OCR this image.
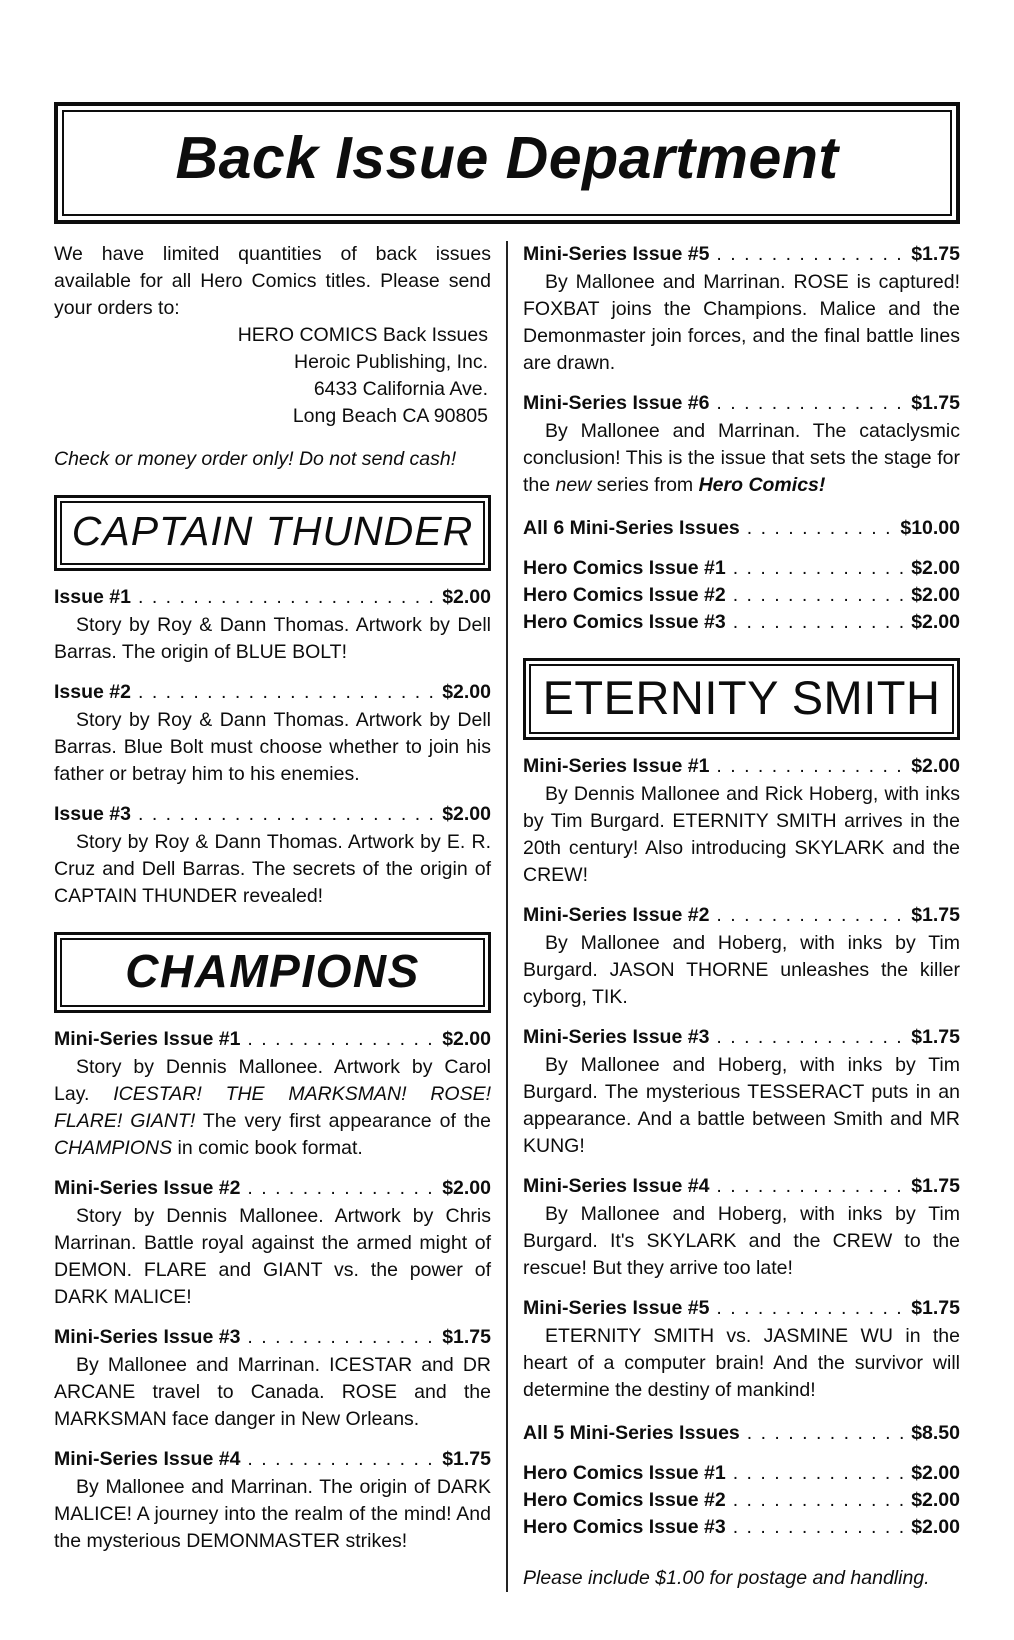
Back Issue Department

We have limited quantities of back issues available for all Hero Comics titles. Please send your orders to:

HERO COMICS Back Issues
Heroic Publishing, Inc.
6433 California Ave.
Long Beach CA 90805

Check or money order only! Do not send cash!

CAPTAIN THUNDER
Issue #1 . . .	$2.00

Story by Roy & Dann Thomas. Artwork by Dell Barras. The origin of BLUE BOLT!

Issue #2 . . .	$2.00

Story by Roy & Dann Thomas. Artwork by Dell Barras. Blue Bolt must choose whether to join his father or betray him to his enemies.

Issue #3 . . .	$2.00

Story by Roy & Dann Thomas. Artwork by E. R. Cruz and Dell Barras. The secrets of the origin of CAPTAIN THUNDER revealed!

CHAMPIONS
Mini-Series Issue #1 . . .	$2.00

Story by Dennis Mallonee. Artwork by Carol Lay. ICESTAR! THE MARKSMAN! ROSE! FLARE! GIANT! The very first appearance of the CHAMPIONS in comic book format.

Mini-Series Issue #2 . . .	$2.00

Story by Dennis Mallonee. Artwork by Chris Marrinan. Battle royal against the armed might of DEMON. FLARE and GIANT vs. the power of DARK MALICE!

Mini-Series Issue #3 . . .	$1.75

By Mallonee and Marrinan. ICESTAR and DR ARCANE travel to Canada. ROSE and the MARKSMAN face danger in New Orleans.

Mini-Series Issue #4 . . .	$1.75

By Mallonee and Marrinan. The origin of DARK MALICE! A journey into the realm of the mind! And the mysterious DEMONMASTER strikes!

Mini-Series Issue #5 . . .	$1.75

By Mallonee and Marrinan. ROSE is captured! FOXBAT joins the Champions. Malice and the Demonmaster join forces, and the final battle lines are drawn.

Mini-Series Issue #6 . . .	$1.75

By Mallonee and Marrinan. The cataclysmic conclusion! This is the issue that sets the stage for the new series from Hero Comics!

All 6 Mini-Series Issues . . .	$10.00
Hero Comics Issue #1 . . .	$2.00
Hero Comics Issue #2 . . .	$2.00
Hero Comics Issue #3 . . .	$2.00
ETERNITY SMITH
Mini-Series Issue #1 . . .	$2.00

By Dennis Mallonee and Rick Hoberg, with inks by Tim Burgard. ETERNITY SMITH arrives in the 20th century! Also introducing SKYLARK and the CREW!

Mini-Series Issue #2 . . .	$1.75

By Mallonee and Hoberg, with inks by Tim Burgard. JASON THORNE unleashes the killer cyborg, TIK.

Mini-Series Issue #3 . . .	$1.75

By Mallonee and Hoberg, with inks by Tim Burgard. The mysterious TESSERACT puts in an appearance. And a battle between Smith and MR KUNG!

Mini-Series Issue #4 . . .	$1.75

By Mallonee and Hoberg, with inks by Tim Burgard. It's SKYLARK and the CREW to the rescue! But they arrive too late!

Mini-Series Issue #5 . . .	$1.75

ETERNITY SMITH vs. JASMINE WU in the heart of a computer brain! And the survivor will determine the destiny of mankind!

All 5 Mini-Series Issues . . .	$8.50
Hero Comics Issue #1 . . .	$2.00
Hero Comics Issue #2 . . .	$2.00
Hero Comics Issue #3 . . .	$2.00

Please include $1.00 for postage and handling.
